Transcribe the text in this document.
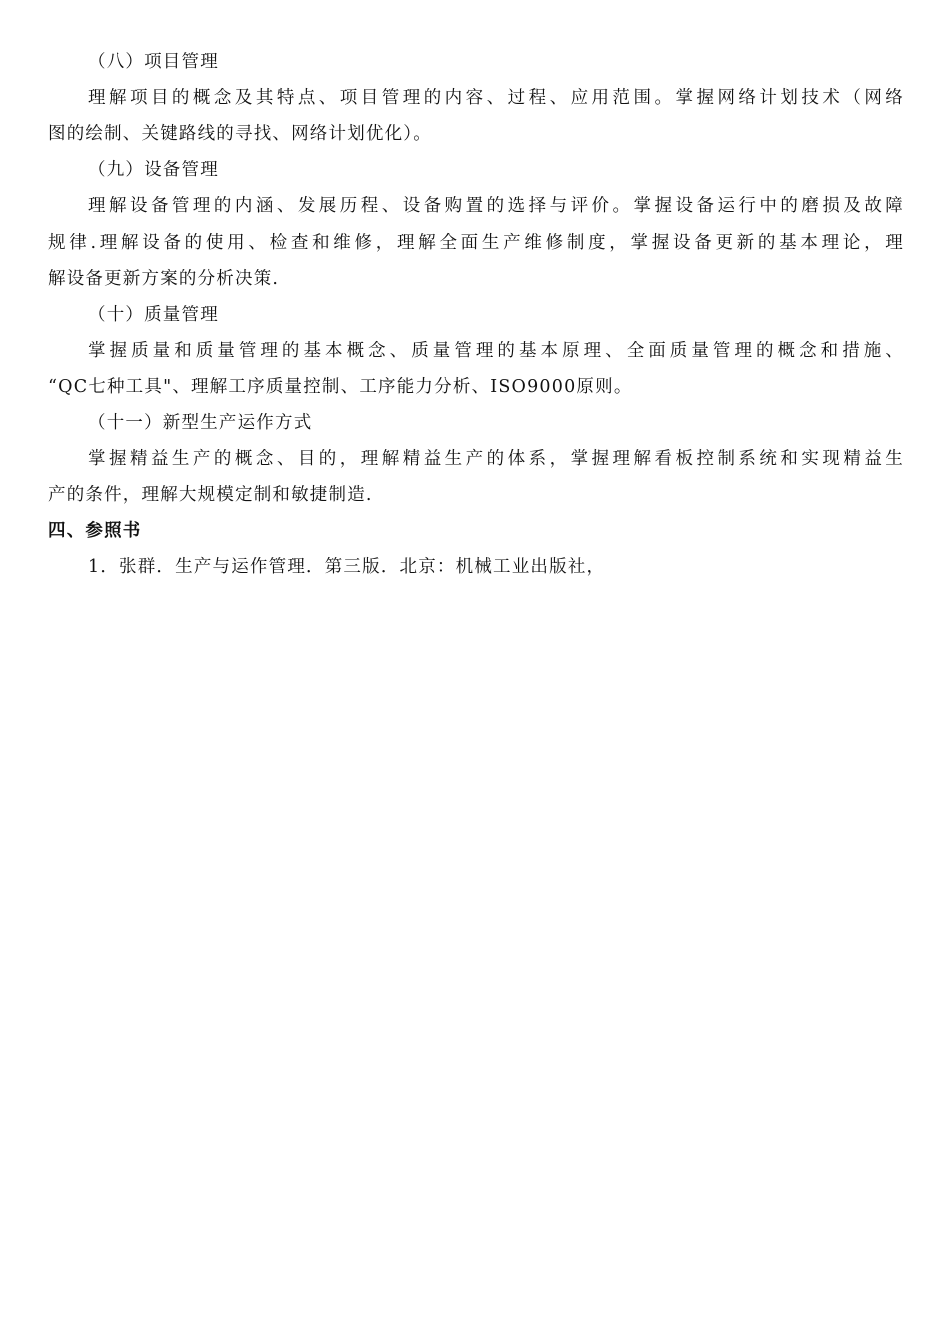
（八）项目管理
理解项目的概念及其特点、项目管理的内容、过程、应用范围。掌握网络计划技术（网络
图的绘制、关键路线的寻找、网络计划优化）。
（九）设备管理
理解设备管理的内涵、发展历程、设备购置的选择与评价。掌握设备运行中的磨损及故障
规律.理解设备的使用、检查和维修，理解全面生产维修制度，掌握设备更新的基本理论，理
解设备更新方案的分析决策.
（十）质量管理
掌握质量和质量管理的基本概念、质量管理的基本原理、全面质量管理的概念和措施、
“QC七种工具"、理解工序质量控制、工序能力分析、ISO9000原则。
（十一）新型生产运作方式
掌握精益生产的概念、目的，理解精益生产的体系，掌握理解看板控制系统和实现精益生
产的条件，理解大规模定制和敏捷制造.
四、参照书
1．张群．生产与运作管理．第三版．北京：机械工业出版社，
